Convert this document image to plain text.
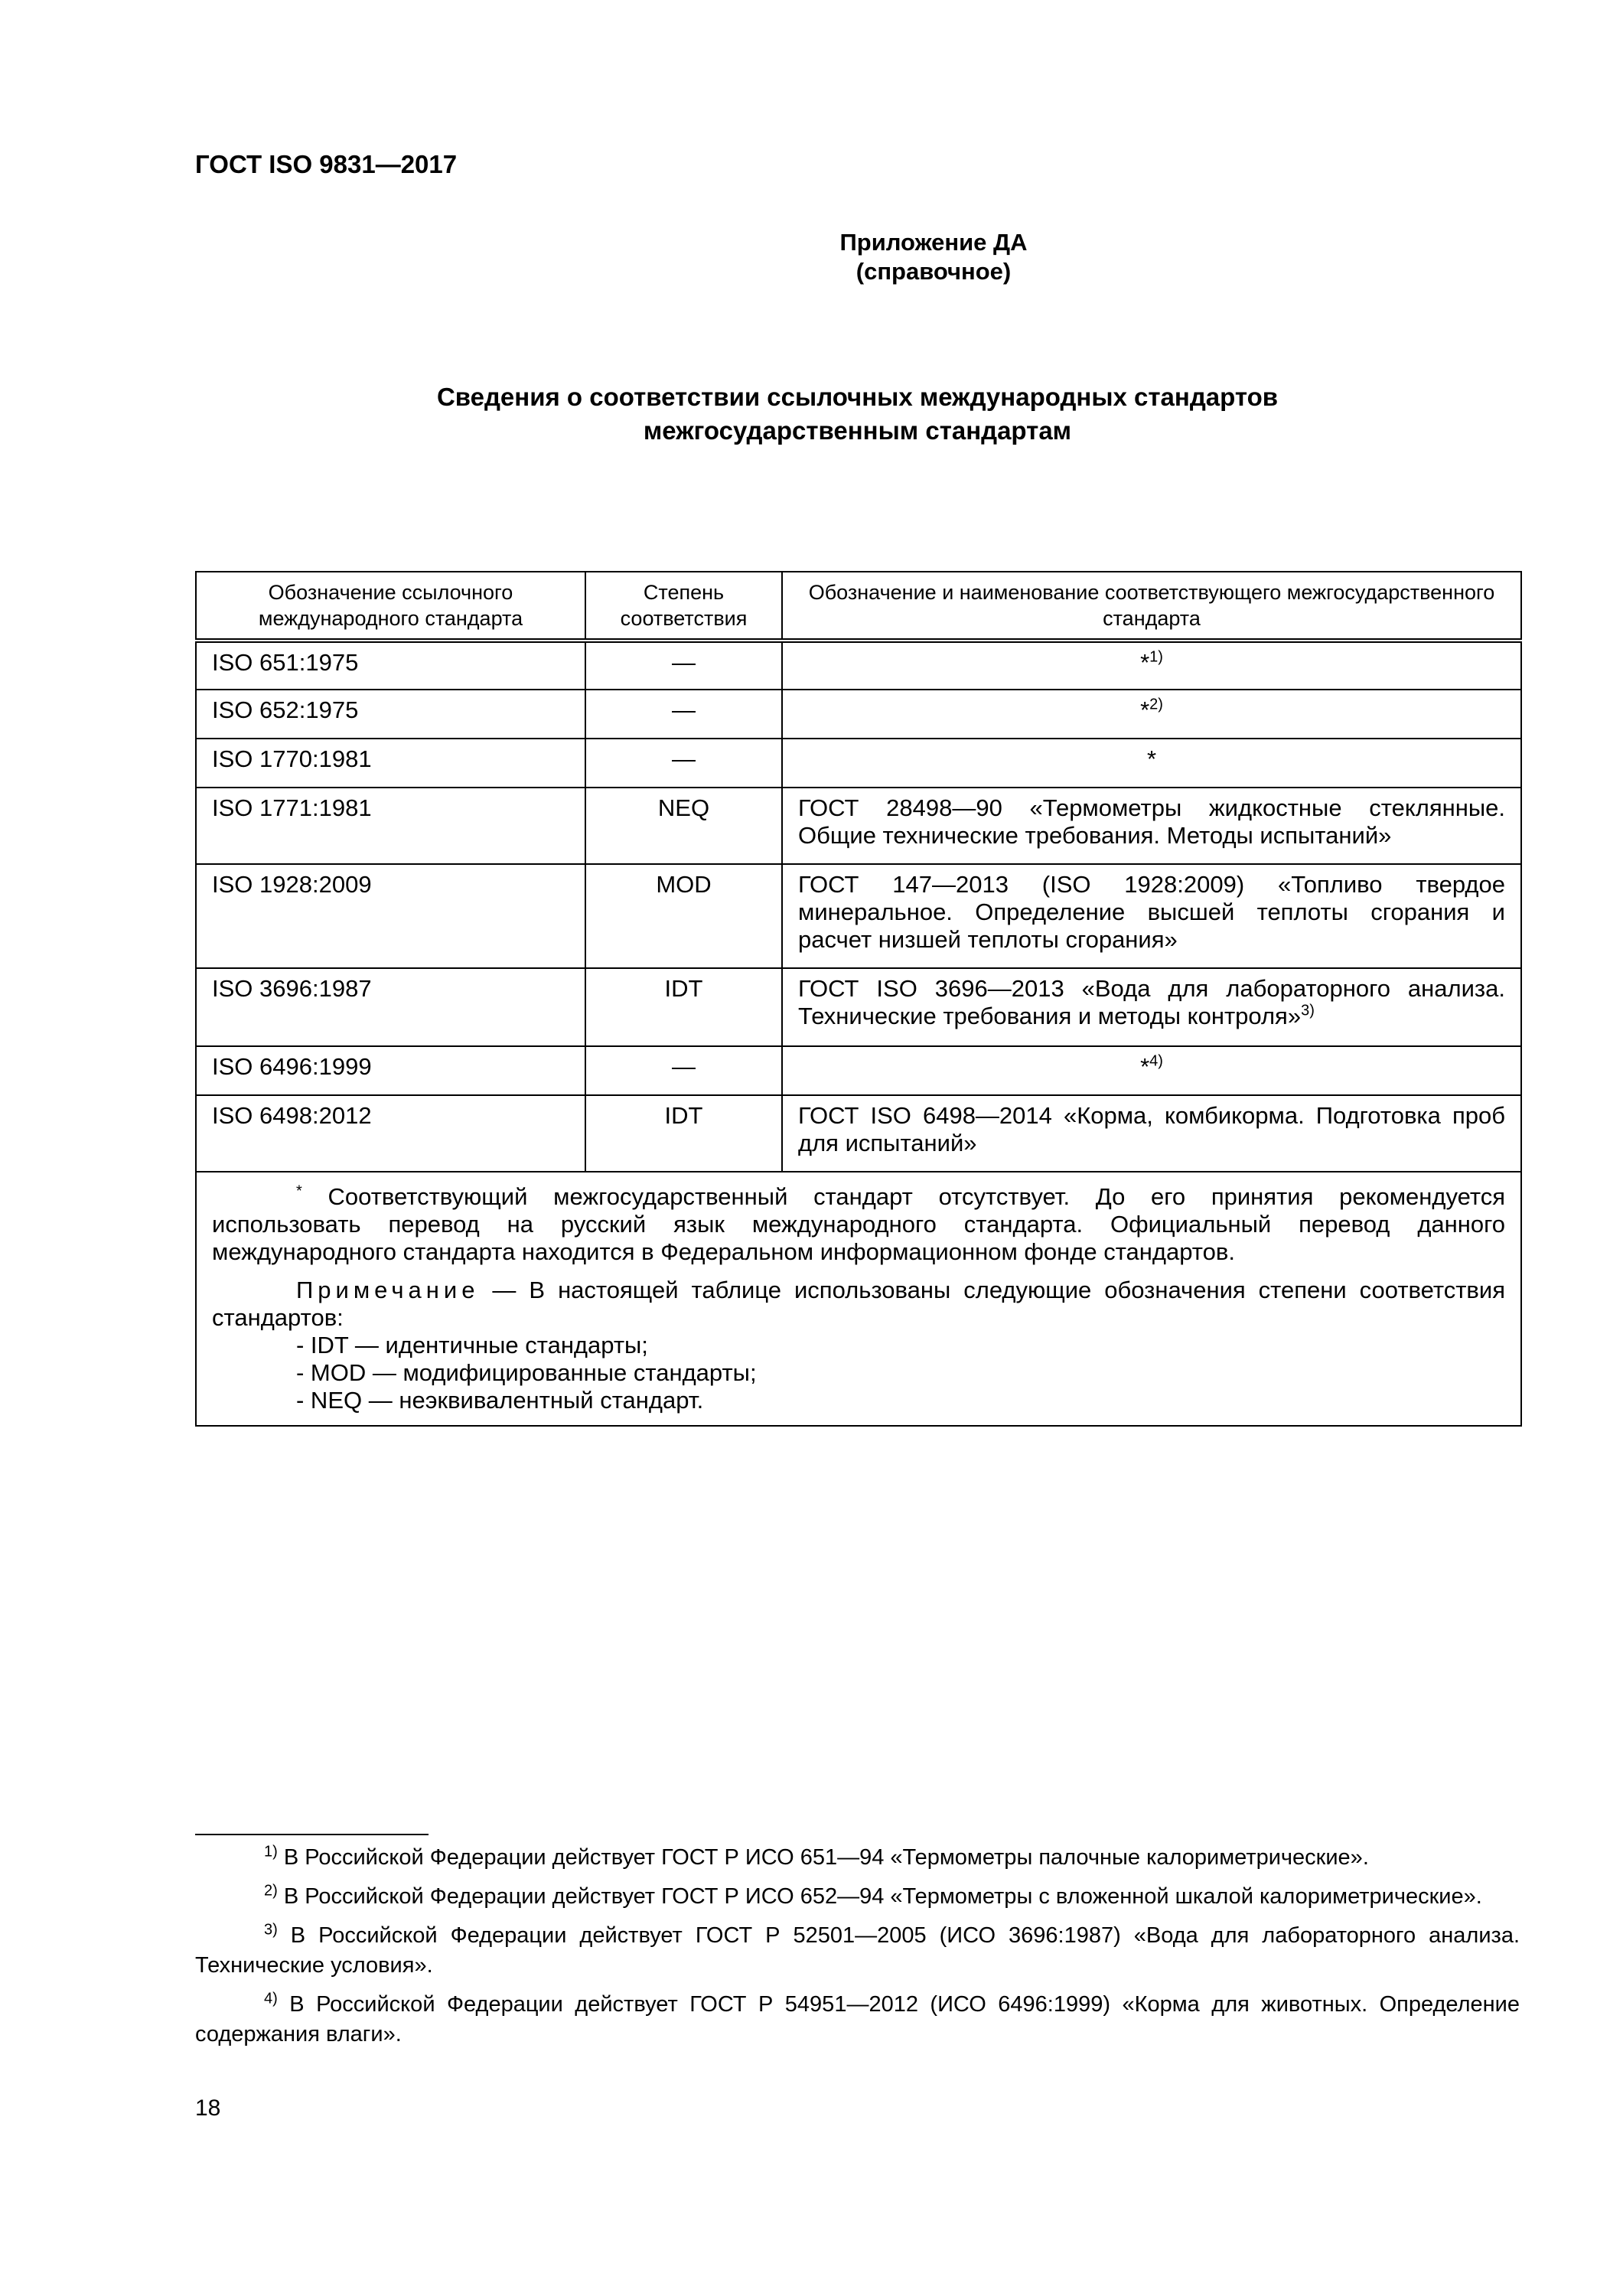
ГОСТ ISO 9831—2017
Приложение ДА
(справочное)
Сведения о соответствии ссылочных международных стандартов
межгосударственным стандартам
Обозначение ссылочного международного стандарта	Степень соответствия	Обозначение и наименование соответствующего межгосударственного стандарта
ISO 651:1975	—	*$^{1)}$
ISO 652:1975	—	*$^{2)}$
ISO 1770:1981	—	*
ISO 1771:1981	NEQ	ГОСТ 28498—90 «Термометры жидкостные стеклянные. Общие технические требования. Методы испытаний»
ISO 1928:2009	MOD	ГОСТ 147—2013 (ISO 1928:2009) «Топливо твердое минеральное. Определение высшей теплоты сгорания и расчет низшей теплоты сгорания»
ISO 3696:1987	IDT	ГОСТ ISO 3696—2013 «Вода для лабораторного анализа. Технические требования и методы контроля»$^{3)}$
ISO 6496:1999	—	*$^{4)}$
ISO 6498:2012	IDT	ГОСТ ISO 6498—2014 «Корма, комбикорма. Подготовка проб для испытаний»

* Соответствующий межгосударственный стандарт отсутствует. До его принятия рекомендуется использовать перевод на русский язык международного стандарта. Официальный перевод данного международного стандарта находится в Федеральном информационном фонде стандартов.

Примечание — В настоящей таблице использованы следующие обозначения степени соответствия стандартов:

- IDT — идентичные стандарты;
- MOD — модифицированные стандарты;
- NEQ — неэквивалентный стандарт.		

$^{1)}$ В Российской Федерации действует ГОСТ Р ИСО 651—94 «Термометры палочные калориметрические».

$^{2)}$ В Российской Федерации действует ГОСТ Р ИСО 652—94 «Термометры с вложенной шкалой калориметрические».

$^{3)}$ В Российской Федерации действует ГОСТ Р 52501—2005 (ИСО 3696:1987) «Вода для лабораторного анализа. Технические условия».

$^{4)}$ В Российской Федерации действует ГОСТ Р 54951—2012 (ИСО 6496:1999) «Корма для животных. Определение содержания влаги».

18
